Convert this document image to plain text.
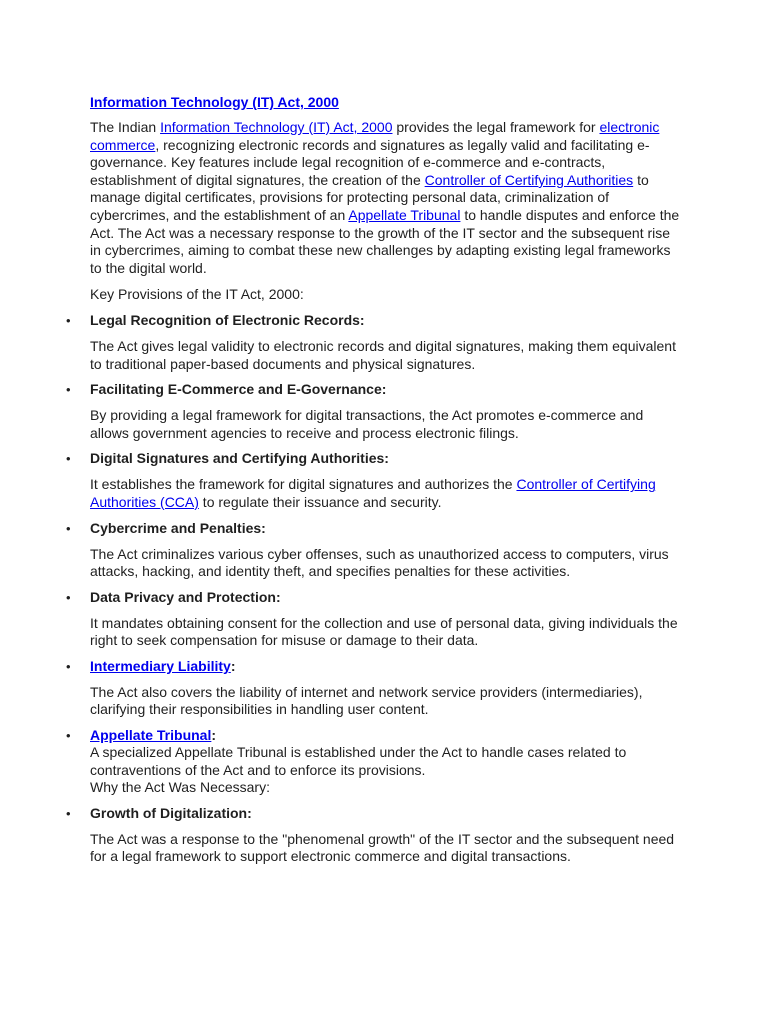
Information Technology (IT) Act, 2000

The Indian Information Technology (IT) Act, 2000 provides the legal framework for electronic commerce, recognizing electronic records and signatures as legally valid and facilitating e-governance. Key features include legal recognition of e-commerce and e-contracts, establishment of digital signatures, the creation of the Controller of Certifying Authorities to manage digital certificates, provisions for protecting personal data, criminalization of cybercrimes, and the establishment of an Appellate Tribunal to handle disputes and enforce the Act. The Act was a necessary response to the growth of the IT sector and the subsequent rise in cybercrimes, aiming to combat these new challenges by adapting existing legal frameworks to the digital world.

Key Provisions of the IT Act, 2000:

• Legal Recognition of Electronic Records:

The Act gives legal validity to electronic records and digital signatures, making them equivalent to traditional paper-based documents and physical signatures.

• Facilitating E-Commerce and E-Governance:

By providing a legal framework for digital transactions, the Act promotes e-commerce and allows government agencies to receive and process electronic filings.

• Digital Signatures and Certifying Authorities:

It establishes the framework for digital signatures and authorizes the Controller of Certifying Authorities (CCA) to regulate their issuance and security.

• Cybercrime and Penalties:

The Act criminalizes various cyber offenses, such as unauthorized access to computers, virus attacks, hacking, and identity theft, and specifies penalties for these activities.

• Data Privacy and Protection:

It mandates obtaining consent for the collection and use of personal data, giving individuals the right to seek compensation for misuse or damage to their data.

• Intermediary Liability:

The Act also covers the liability of internet and network service providers (intermediaries), clarifying their responsibilities in handling user content.

• Appellate Tribunal:

A specialized Appellate Tribunal is established under the Act to handle cases related to contraventions of the Act and to enforce its provisions.

Why the Act Was Necessary:

• Growth of Digitalization:

The Act was a response to the "phenomenal growth" of the IT sector and the subsequent need for a legal framework to support electronic commerce and digital transactions.
